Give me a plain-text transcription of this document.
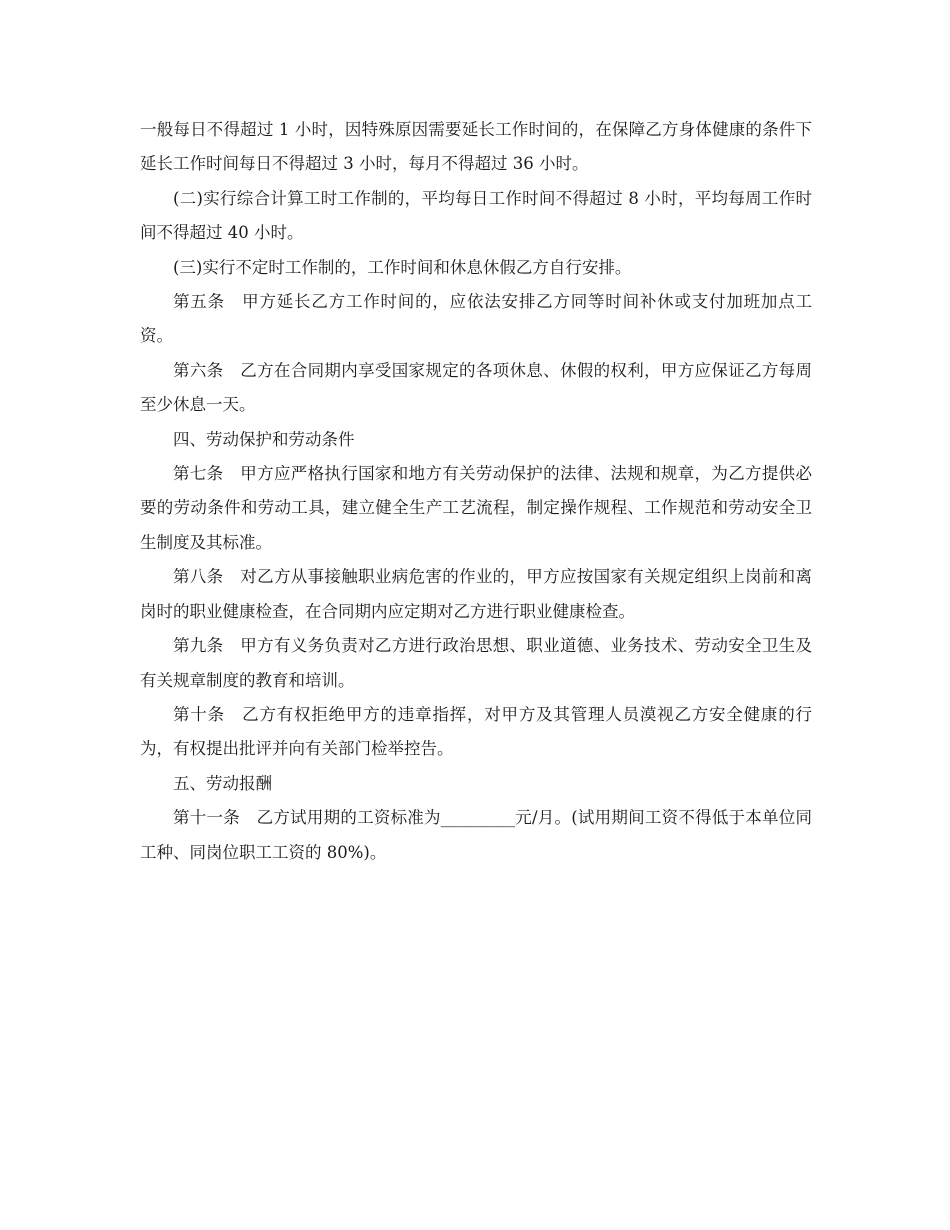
一般每日不得超过 1 小时，因特殊原因需要延长工作时间的，在保障乙方身体健康的条件下延长工作时间每日不得超过 3 小时，每月不得超过 36 小时。

(二)实行综合计算工时工作制的，平均每日工作时间不得超过 8 小时，平均每周工作时间不得超过 40 小时。

(三)实行不定时工作制的，工作时间和休息休假乙方自行安排。

第五条　甲方延长乙方工作时间的，应依法安排乙方同等时间补休或支付加班加点工资。

第六条　乙方在合同期内享受国家规定的各项休息、休假的权利，甲方应保证乙方每周至少休息一天。

四、劳动保护和劳动条件

第七条　甲方应严格执行国家和地方有关劳动保护的法律、法规和规章，为乙方提供必要的劳动条件和劳动工具，建立健全生产工艺流程，制定操作规程、工作规范和劳动安全卫生制度及其标准。

第八条　对乙方从事接触职业病危害的作业的，甲方应按国家有关规定组织上岗前和离岗时的职业健康检查，在合同期内应定期对乙方进行职业健康检查。

第九条　甲方有义务负责对乙方进行政治思想、职业道德、业务技术、劳动安全卫生及有关规章制度的教育和培训。

第十条　乙方有权拒绝甲方的违章指挥，对甲方及其管理人员漠视乙方安全健康的行为，有权提出批评并向有关部门检举控告。

五、劳动报酬

第十一条　乙方试用期的工资标准为_________元/月。(试用期间工资不得低于本单位同工种、同岗位职工工资的 80%)。
